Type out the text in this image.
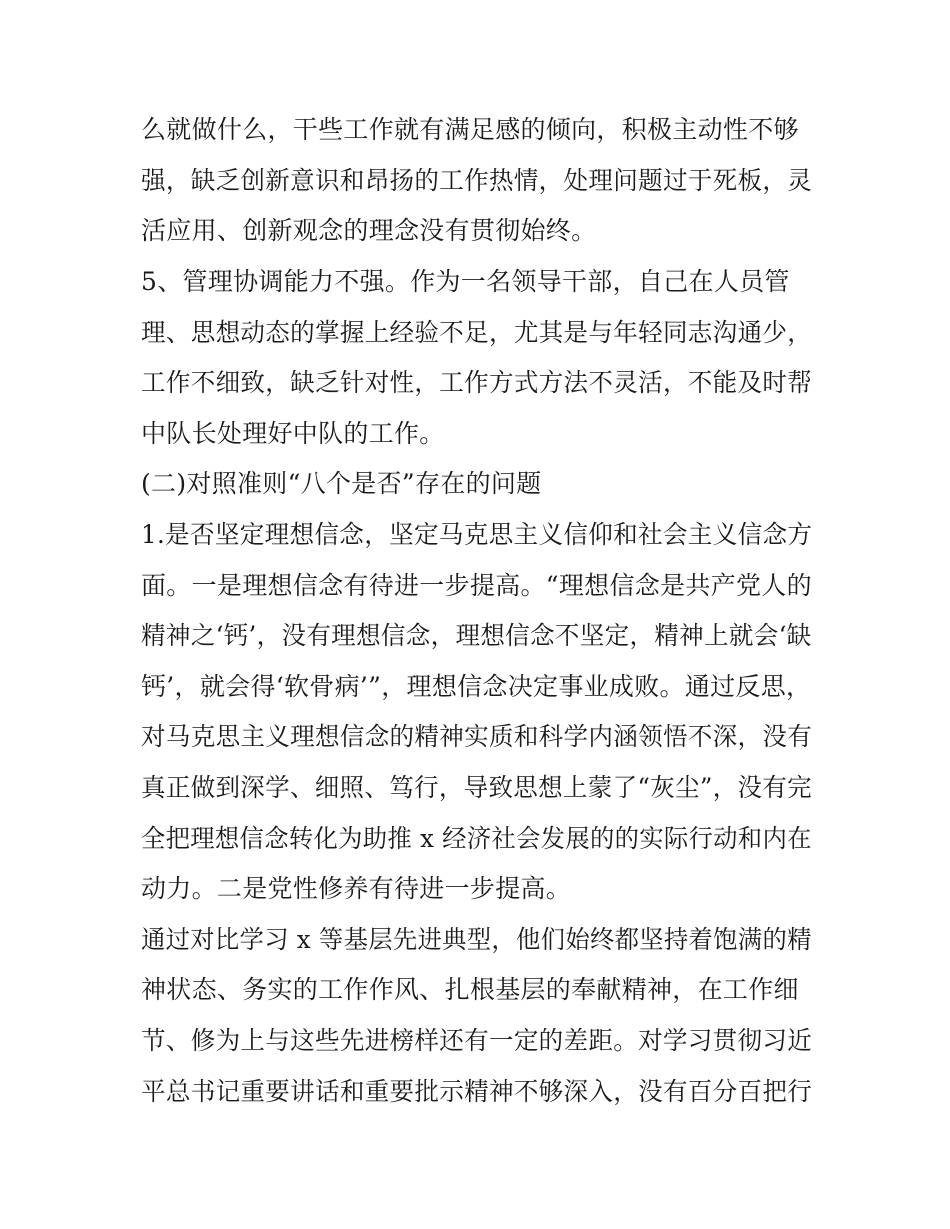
么就做什么，干些工作就有满足感的倾向，积极主动性不够
强，缺乏创新意识和昂扬的工作热情，处理问题过于死板，灵
活应用、创新观念的理念没有贯彻始终。
5、管理协调能力不强。作为一名领导干部，自己在人员管
理、思想动态的掌握上经验不足，尤其是与年轻同志沟通少，
工作不细致，缺乏针对性，工作方式方法不灵活，不能及时帮
中队长处理好中队的工作。
(二)对照准则“八个是否”存在的问题
1.是否坚定理想信念，坚定马克思主义信仰和社会主义信念方
面。一是理想信念有待进一步提高。“理想信念是共产党人的
精神之‘钙’，没有理想信念，理想信念不坚定，精神上就会‘缺
钙’，就会得‘软骨病’”，理想信念决定事业成败。通过反思，
对马克思主义理想信念的精神实质和科学内涵领悟不深，没有
真正做到深学、细照、笃行，导致思想上蒙了“灰尘”，没有完
全把理想信念转化为助推 x 经济社会发展的的实际行动和内在
动力。二是党性修养有待进一步提高。
通过对比学习 x 等基层先进典型，他们始终都坚持着饱满的精
神状态、务实的工作作风、扎根基层的奉献精神，在工作细
节、修为上与这些先进榜样还有一定的差距。对学习贯彻习近
平总书记重要讲话和重要批示精神不够深入，没有百分百把行
